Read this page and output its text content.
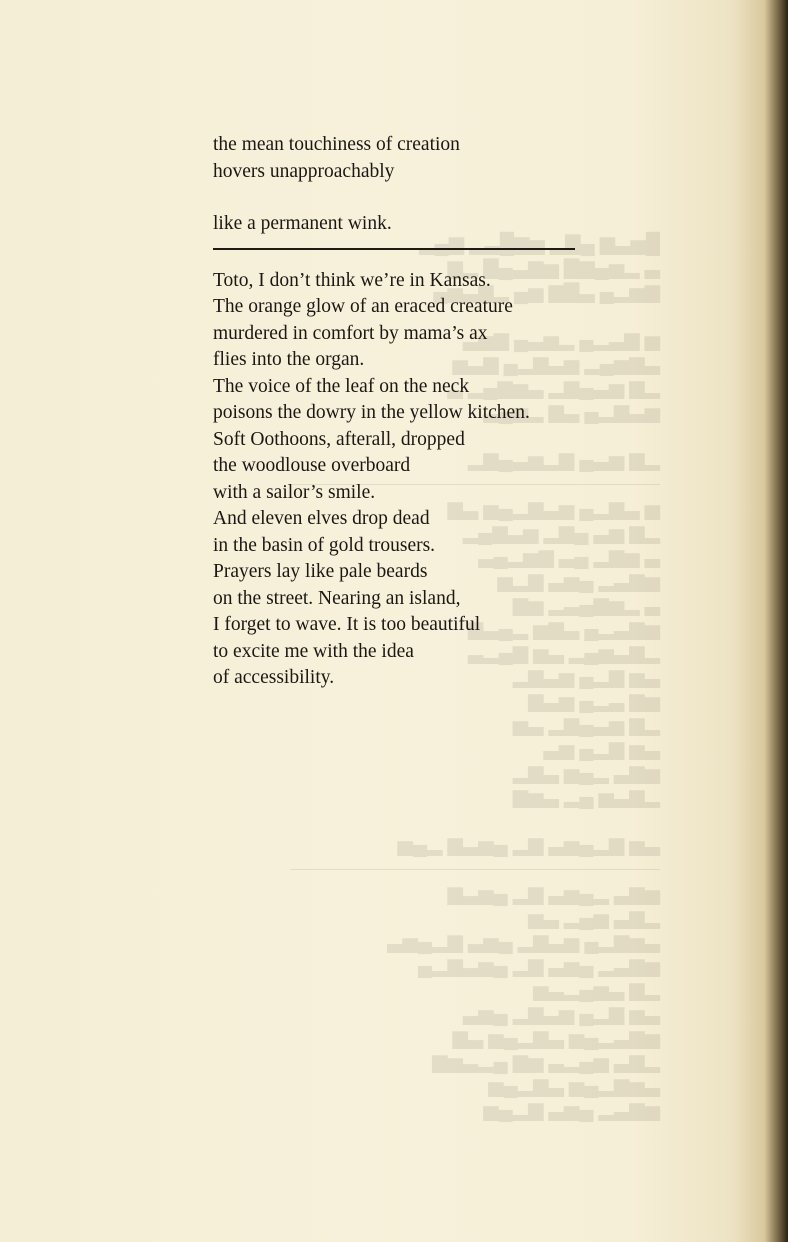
█▅▃▆ ▄▇▂ ▅▆█▃▂ ▆▄▂
▃ ▂▅▄▆▇ ▅▆▃▄▇ ▂▆
▆▅▂▄ ▃▇▆ ▅▄ ▂▆▃▅▄
▅ ▆▃▂▄ ▂▅▃▄ ▆▅▃
▃▆▅▄▂ ▅▃▆▂▄ ▆▃▅
▂▆ ▅▃▄▆▂ ▃▅▆▄▂ ▃
▅▃▆▂▄ ▃▆ ▂▅▄▃
▂▆ ▅▃▄ ▆▂▅▃▄▆▂
▅ ▃▆▂▄ ▅▃▆▂▄▅ ▃▆
▂▆ ▅▃ ▄▆▂ ▅▃▆▄▂
▃ ▅▆▂ ▄▃ ▆▅▂▄▃
▅▆▃▂ ▄▅▃ ▆▂▅
▃ ▂▅▆▄▃▂ ▅▆
▅▆▃▂▄ ▃▆▅ ▂▄▃▆
▂▆▃▅▄▂ ▃▅ ▆▄▂▃
▃▅ ▆▂▄ ▅▃▆▂
▅▆ ▃▂▄ ▅▃▆
▂▆ ▅▃▄▆▂ ▃▅
▃▅ ▆▂▄ ▅▃
▅▆▃ ▂▄▅ ▃▆▂
▂▆▃▅ ▄▂ ▃▅▆
▃▅ ▆▂▄▅▃ ▆▂ ▄▅▃▆ ▂▄▅
▅▆▃ ▂▄▅▃ ▆▂ ▄▅▃▆
▂▆▃ ▅▄▂ ▃▅
▃▅▆▂▄ ▅▃▆▂ ▄▅▃ ▆▂▄▅▃
▅▆▃▂ ▄▅▃ ▆▂ ▄▅▃▆▂▄
▂▆ ▃▅▄▂▃▅
▃▅ ▆▂▄ ▅▃▆▂ ▄▅▃
▅▆▃▂▄▅ ▃▆▂▄▅ ▃▆
▂▆▃ ▅▄▂▃ ▅▆ ▄▂▃▅▆
▃▅▆▂▄▅ ▃▆▂▄▅
▅▆▃▂ ▄▅▃ ▆▂▄▅
the mean touchiness of creation
hovers unapproachably
like a permanent wink.
Toto, I don’t think we’re in Kansas.
The orange glow of an eraced creature
murdered in comfort by mama’s ax
flies into the organ.
The voice of the leaf on the neck
poisons the dowry in the yellow kitchen.
Soft Oothoons, afterall, dropped
the woodlouse overboard
with a sailor’s smile.
And eleven elves drop dead
in the basin of gold trousers.
Prayers lay like pale beards
on the street. Nearing an island,
I forget to wave. It is too beautiful
to excite me with the idea
of accessibility.
